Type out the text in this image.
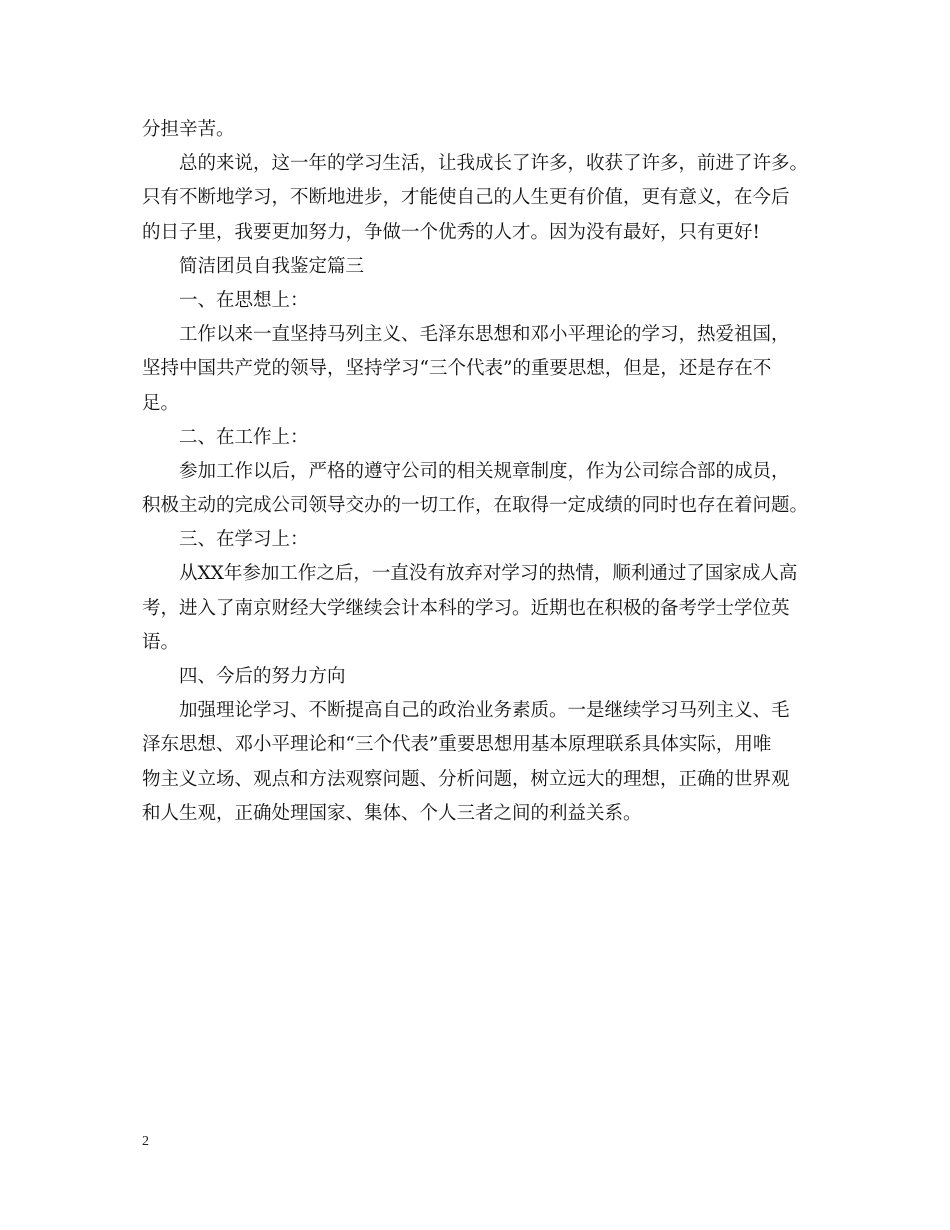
分担辛苦。
总的来说，这一年的学习生活，让我成长了许多，收获了许多，前进了许多。
只有不断地学习，不断地进步，才能使自己的人生更有价值，更有意义，在今后
的日子里，我要更加努力，争做一个优秀的人才。因为没有最好，只有更好!
简洁团员自我鉴定篇三
一、在思想上：
工作以来一直坚持马列主义、毛泽东思想和邓小平理论的学习，热爱祖国，
坚持中国共产党的领导，坚持学习“三个代表”的重要思想，但是，还是存在不
足。
二、在工作上：
参加工作以后，严格的遵守公司的相关规章制度，作为公司综合部的成员，
积极主动的完成公司领导交办的一切工作，在取得一定成绩的同时也存在着问题。
三、在学习上：
从XX年参加工作之后，一直没有放弃对学习的热情，顺利通过了国家成人高
考，进入了南京财经大学继续会计本科的学习。近期也在积极的备考学士学位英
语。
四、今后的努力方向
加强理论学习、不断提高自己的政治业务素质。一是继续学习马列主义、毛
泽东思想、邓小平理论和“三个代表”重要思想用基本原理联系具体实际，用唯
物主义立场、观点和方法观察问题、分析问题，树立远大的理想，正确的世界观
和人生观，正确处理国家、集体、个人三者之间的利益关系。
2
